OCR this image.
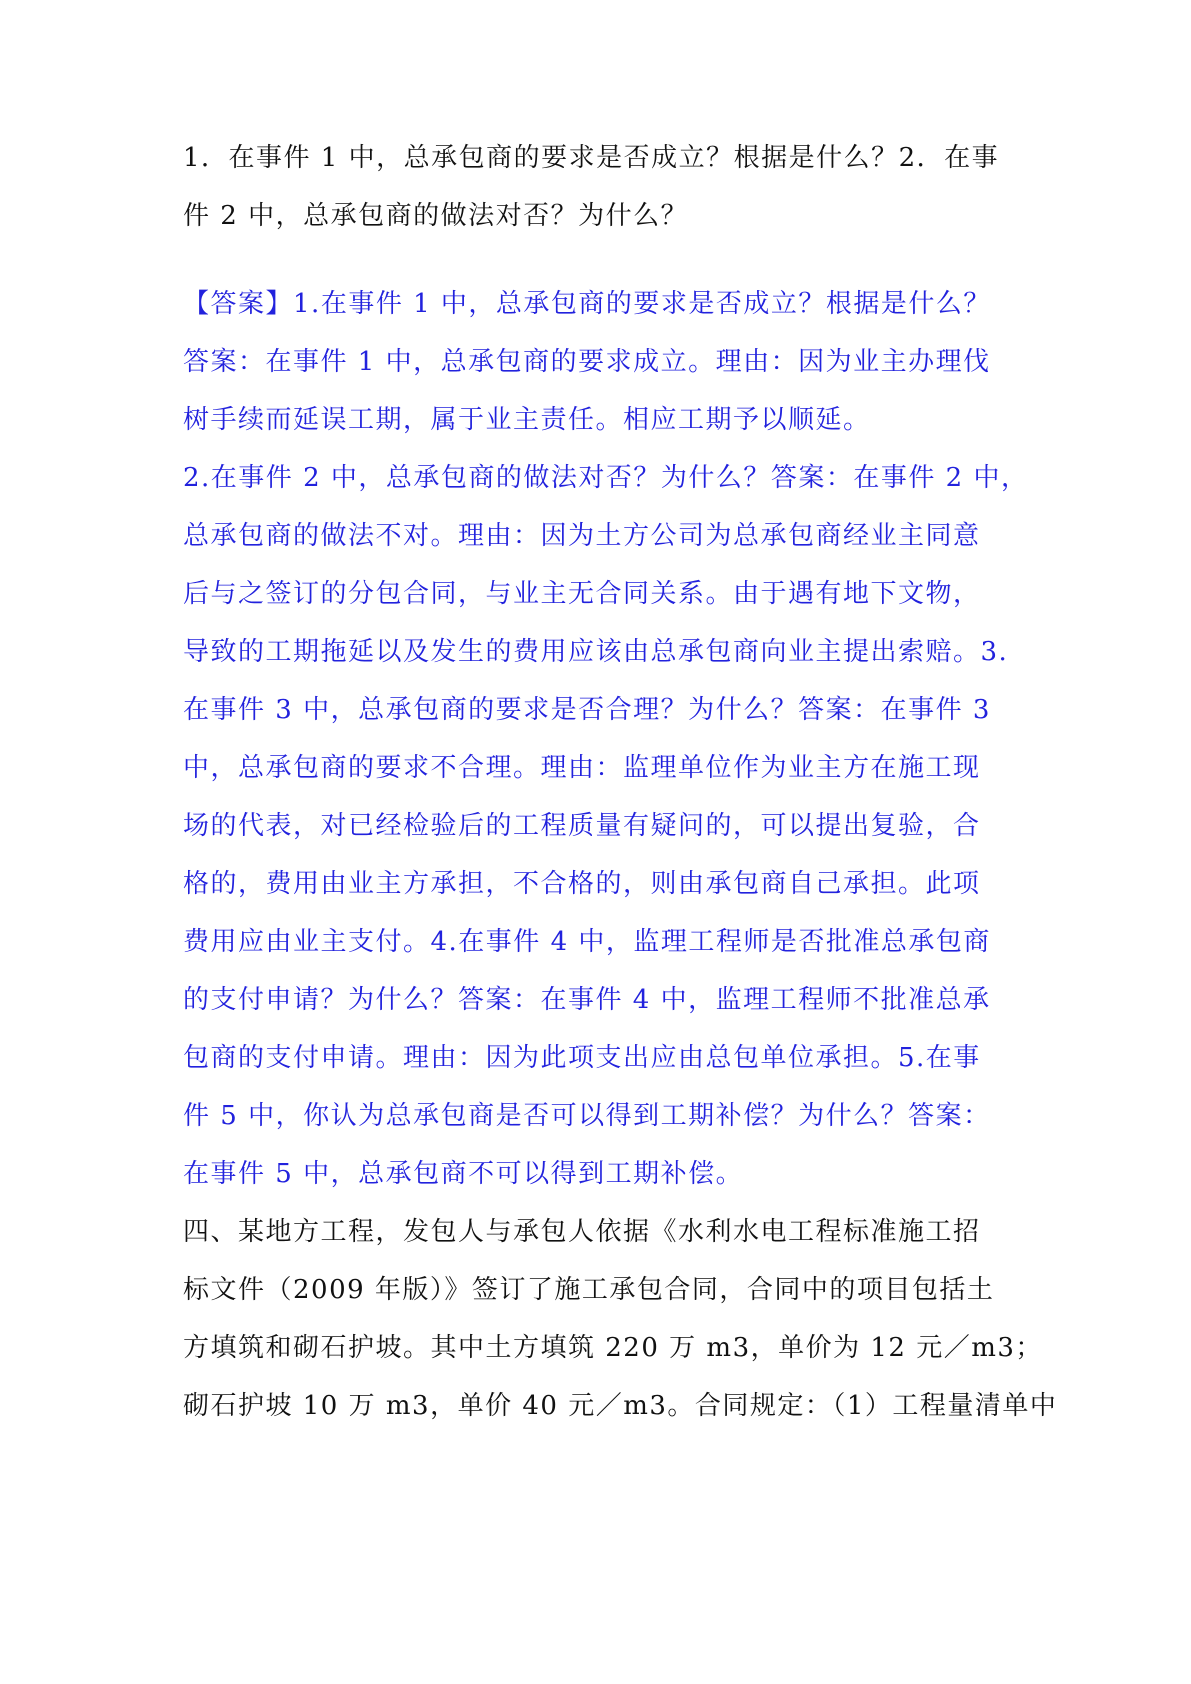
1．在事件 1 中，总承包商的要求是否成立？根据是什么？2．在事
件 2 中，总承包商的做法对否？为什么？
【答案】1.在事件 1 中，总承包商的要求是否成立？根据是什么？
答案：在事件 1 中，总承包商的要求成立。理由：因为业主办理伐
树手续而延误工期，属于业主责任。相应工期予以顺延。
2.在事件 2 中，总承包商的做法对否？为什么？答案：在事件 2 中，
总承包商的做法不对。理由：因为土方公司为总承包商经业主同意
后与之签订的分包合同，与业主无合同关系。由于遇有地下文物，
导致的工期拖延以及发生的费用应该由总承包商向业主提出索赔。3.
在事件 3 中，总承包商的要求是否合理？为什么？答案：在事件 3
中，总承包商的要求不合理。理由：监理单位作为业主方在施工现
场的代表，对已经检验后的工程质量有疑问的，可以提出复验，合
格的，费用由业主方承担，不合格的，则由承包商自己承担。此项
费用应由业主支付。4.在事件 4 中，监理工程师是否批准总承包商
的支付申请？为什么？答案：在事件 4 中，监理工程师不批准总承
包商的支付申请。理由：因为此项支出应由总包单位承担。5.在事
件 5 中，你认为总承包商是否可以得到工期补偿？为什么？答案：
在事件 5 中，总承包商不可以得到工期补偿。
四、某地方工程，发包人与承包人依据《水利水电工程标准施工招
标文件（2009 年版）》签订了施工承包合同，合同中的项目包括土
方填筑和砌石护坡。其中土方填筑 220 万 m3，单价为 12 元／m3；
砌石护坡 10 万 m3，单价 40 元／m3。合同规定：（1）工程量清单中
